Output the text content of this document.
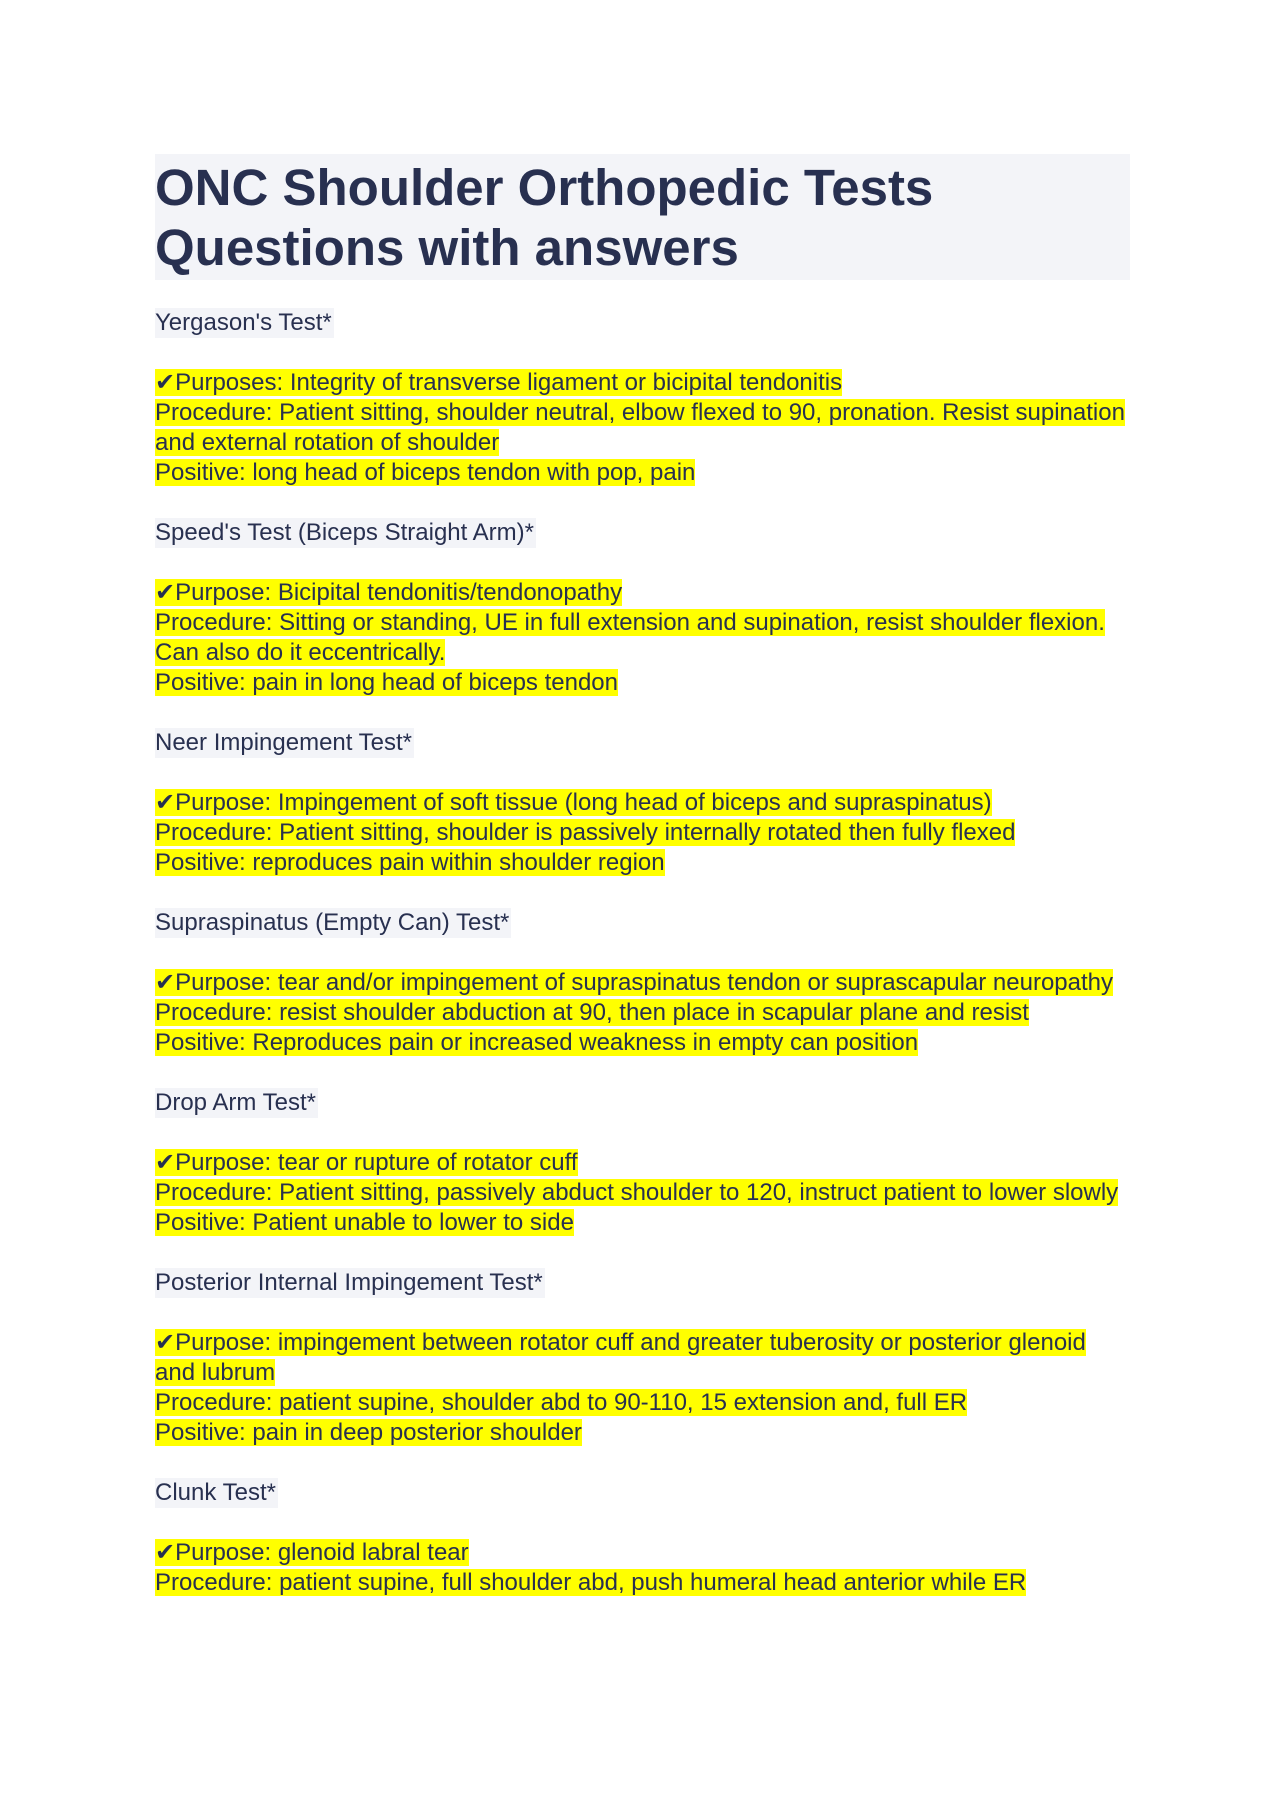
ONC Shoulder Orthopedic Tests Questions with answers
Yergason's Test*
✔Purposes: Integrity of transverse ligament or bicipital tendonitis
Procedure: Patient sitting, shoulder neutral, elbow flexed to 90, pronation. Resist supination and external rotation of shoulder
Positive: long head of biceps tendon with pop, pain
Speed's Test (Biceps Straight Arm)*
✔Purpose: Bicipital tendonitis/tendonopathy
Procedure: Sitting or standing, UE in full extension and supination, resist shoulder flexion. Can also do it eccentrically.
Positive: pain in long head of biceps tendon
Neer Impingement Test*
✔Purpose: Impingement of soft tissue (long head of biceps and supraspinatus)
Procedure: Patient sitting, shoulder is passively internally rotated then fully flexed
Positive: reproduces pain within shoulder region
Supraspinatus (Empty Can) Test*
✔Purpose: tear and/or impingement of supraspinatus tendon or suprascapular neuropathy
Procedure: resist shoulder abduction at 90, then place in scapular plane and resist
Positive: Reproduces pain or increased weakness in empty can position
Drop Arm Test*
✔Purpose: tear or rupture of rotator cuff
Procedure: Patient sitting, passively abduct shoulder to 120, instruct patient to lower slowly
Positive: Patient unable to lower to side
Posterior Internal Impingement Test*
✔Purpose: impingement between rotator cuff and greater tuberosity or posterior glenoid and lubrum
Procedure: patient supine, shoulder abd to 90-110, 15 extension and, full ER
Positive: pain in deep posterior shoulder
Clunk Test*
✔Purpose: glenoid labral tear
Procedure: patient supine, full shoulder abd, push humeral head anterior while ER
